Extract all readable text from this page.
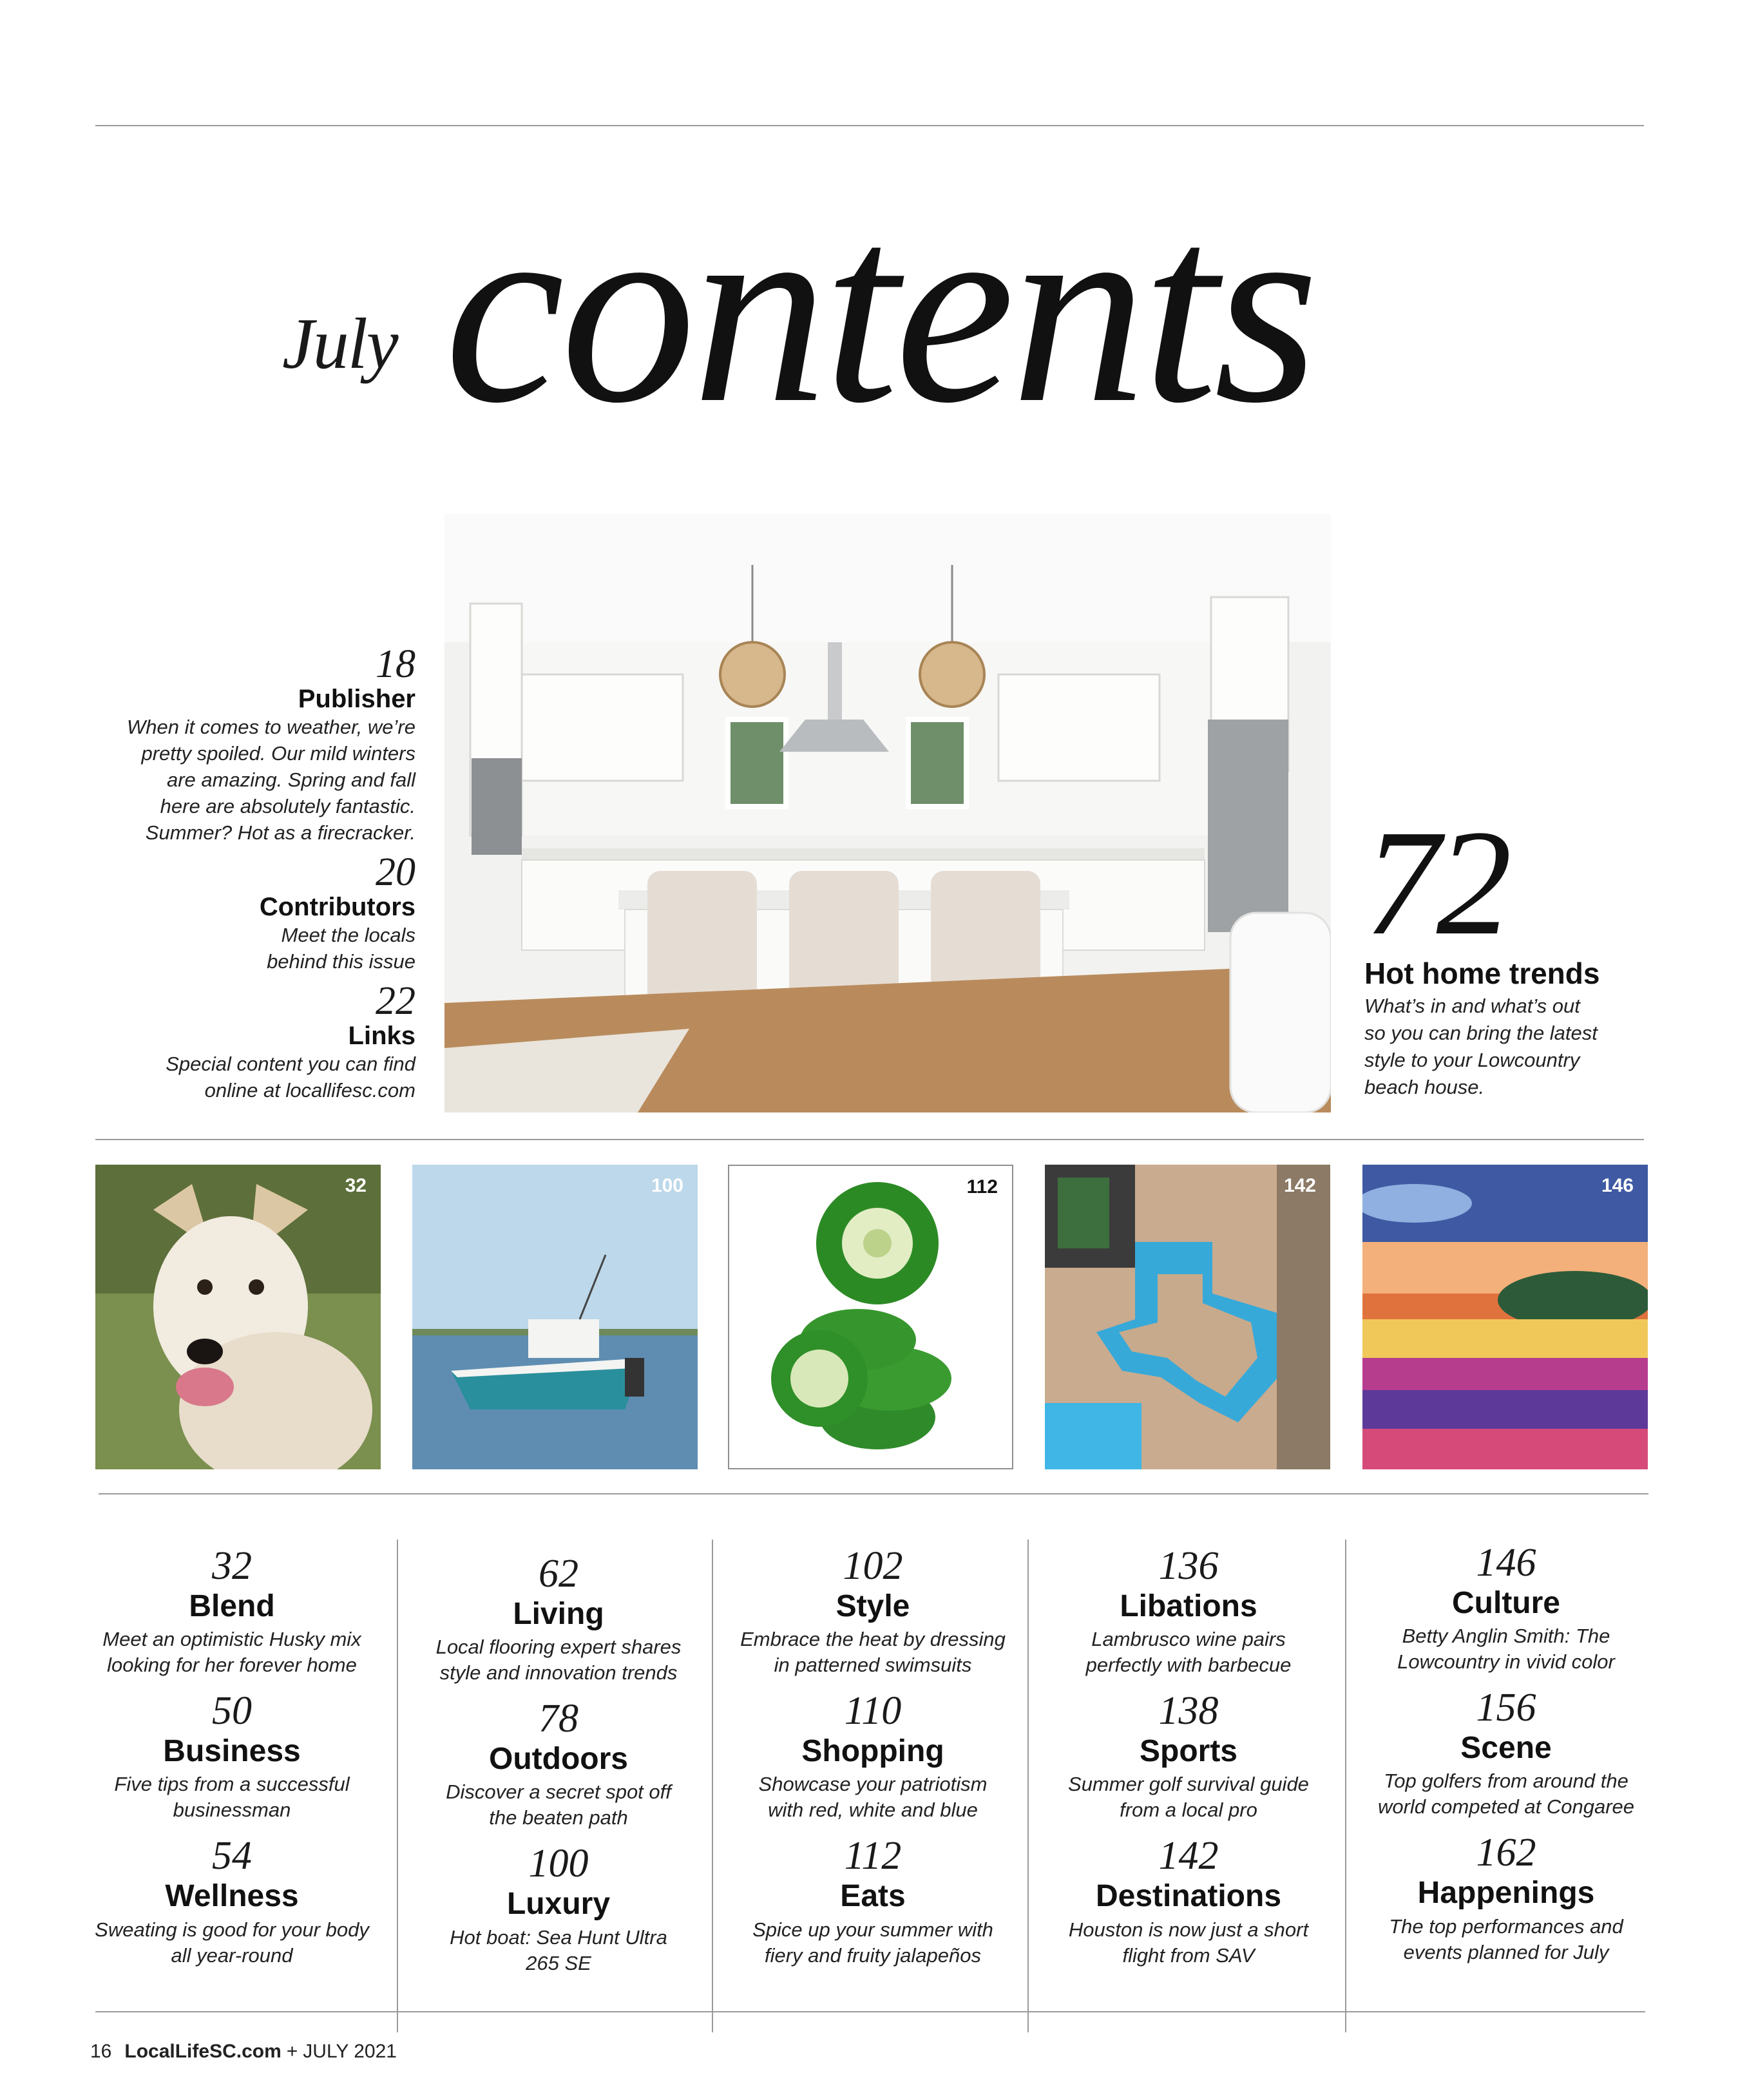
July contents
18
Publisher
When it comes to weather, we’re
pretty spoiled. Our mild winters
are amazing. Spring and fall
here are absolutely fantastic.
Summer? Hot as a firecracker.
20
Contributors
Meet the locals
behind this issue
22
Links
Special content you can find
online at locallifesc.com
72
Hot home trends
What’s in and what’s out
so you can bring the latest
style to your Lowcountry
beach house.
32	100	112	142	146
32
Blend
Meet an optimistic Husky mix
looking for her forever home
50
Business
Five tips from a successful
businessman
54
Wellness
Sweating is good for your body
all year-round
62
Living
Local flooring expert shares
style and innovation trends
78
Outdoors
Discover a secret spot off
the beaten path
100
Luxury
Hot boat: Sea Hunt Ultra
265 SE
102
Style
Embrace the heat by dressing
in patterned swimsuits
110
Shopping
Showcase your patriotism
with red, white and blue
112
Eats
Spice up your summer with
fiery and fruity jalapeños
136
Libations
Lambrusco wine pairs
perfectly with barbecue
138
Sports
Summer golf survival guide
from a local pro
142
Destinations
Houston is now just a short
flight from SAV
146
Culture
Betty Anglin Smith: The
Lowcountry in vivid color
156
Scene
Top golfers from around the
world competed at Congaree
162
Happenings
The top performances and
events planned for July
16 LocalLifeSC.com + JULY 2021
